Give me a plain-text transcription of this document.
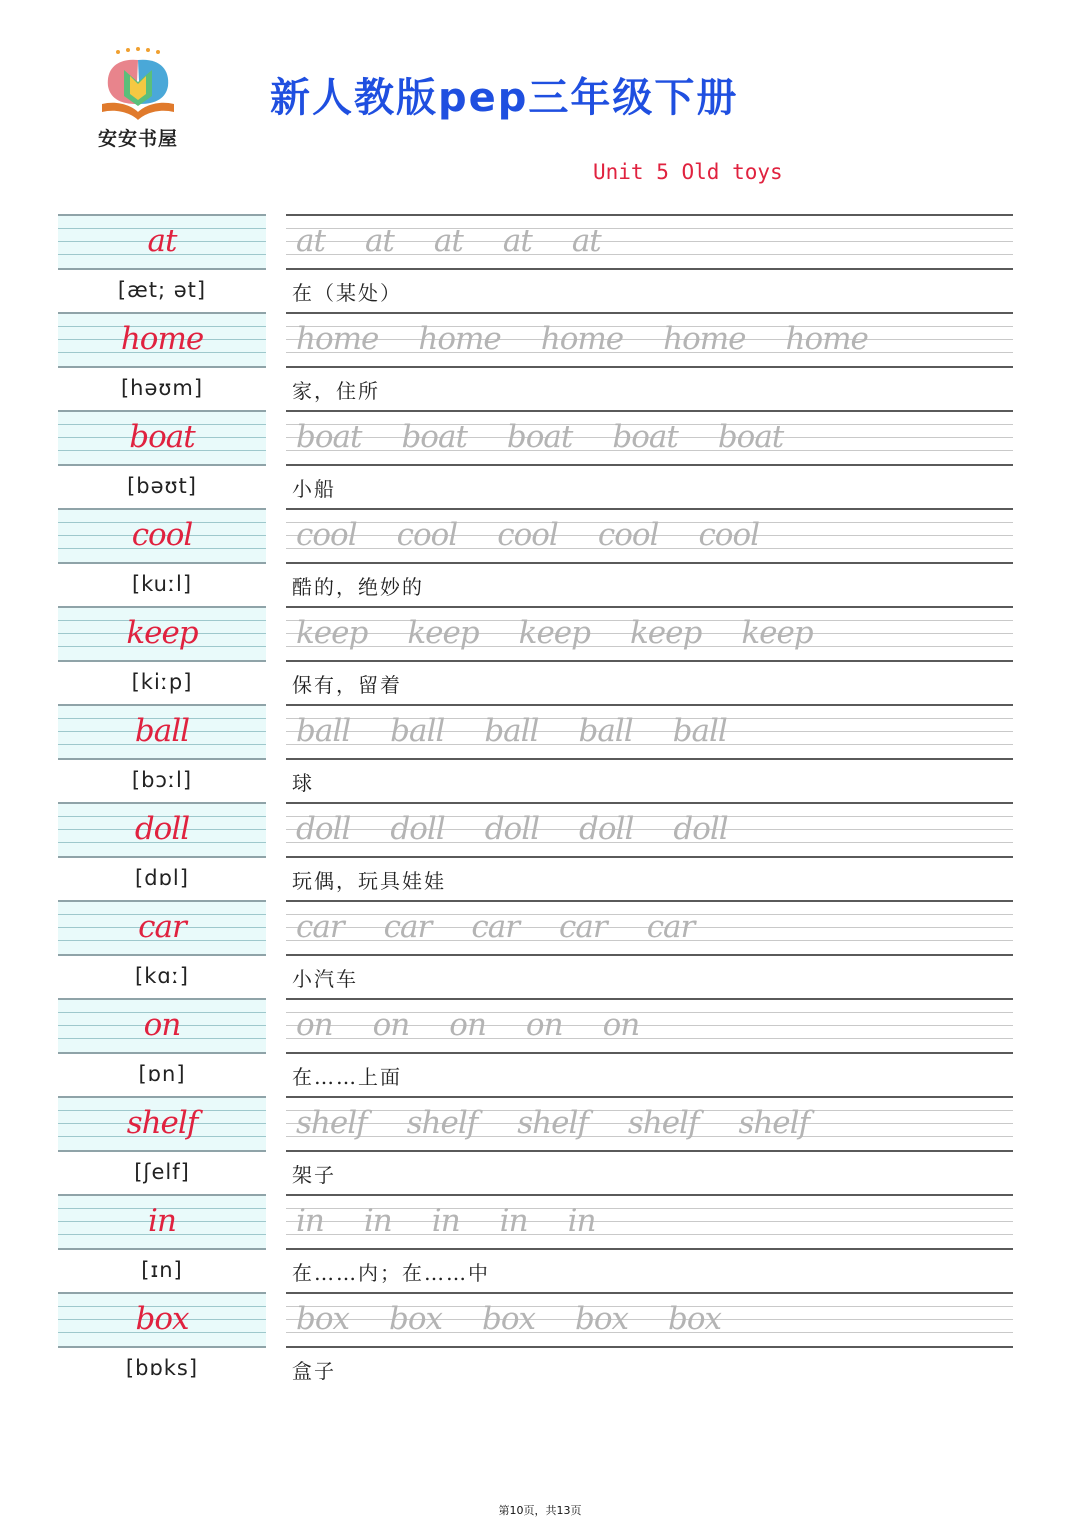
安安书屋
新人教版pep三年级下册
Unit 5 Old toys
at	at at at at at
[æt; ət]	在（某处）
home	home home home home home
[həʊm]	家，住所
boat	boat boat boat boat boat
[bəʊt]	小船
cool	cool cool cool cool cool
[kuːl]	酷的，绝妙的
keep	keep keep keep keep keep
[kiːp]	保有，留着
ball	ball ball ball ball ball
[bɔːl]	球
doll	doll doll doll doll doll
[dɒl]	玩偶，玩具娃娃
car	car car car car car
[kɑː]	小汽车
on	on on on on on
[ɒn]	在……上面
shelf	shelf shelf shelf shelf shelf
[ʃelf]	架子
in	in in in in in
[ɪn]	在……内；在……中
box	box box box box box
[bɒks]	盒子
第10页，共13页
